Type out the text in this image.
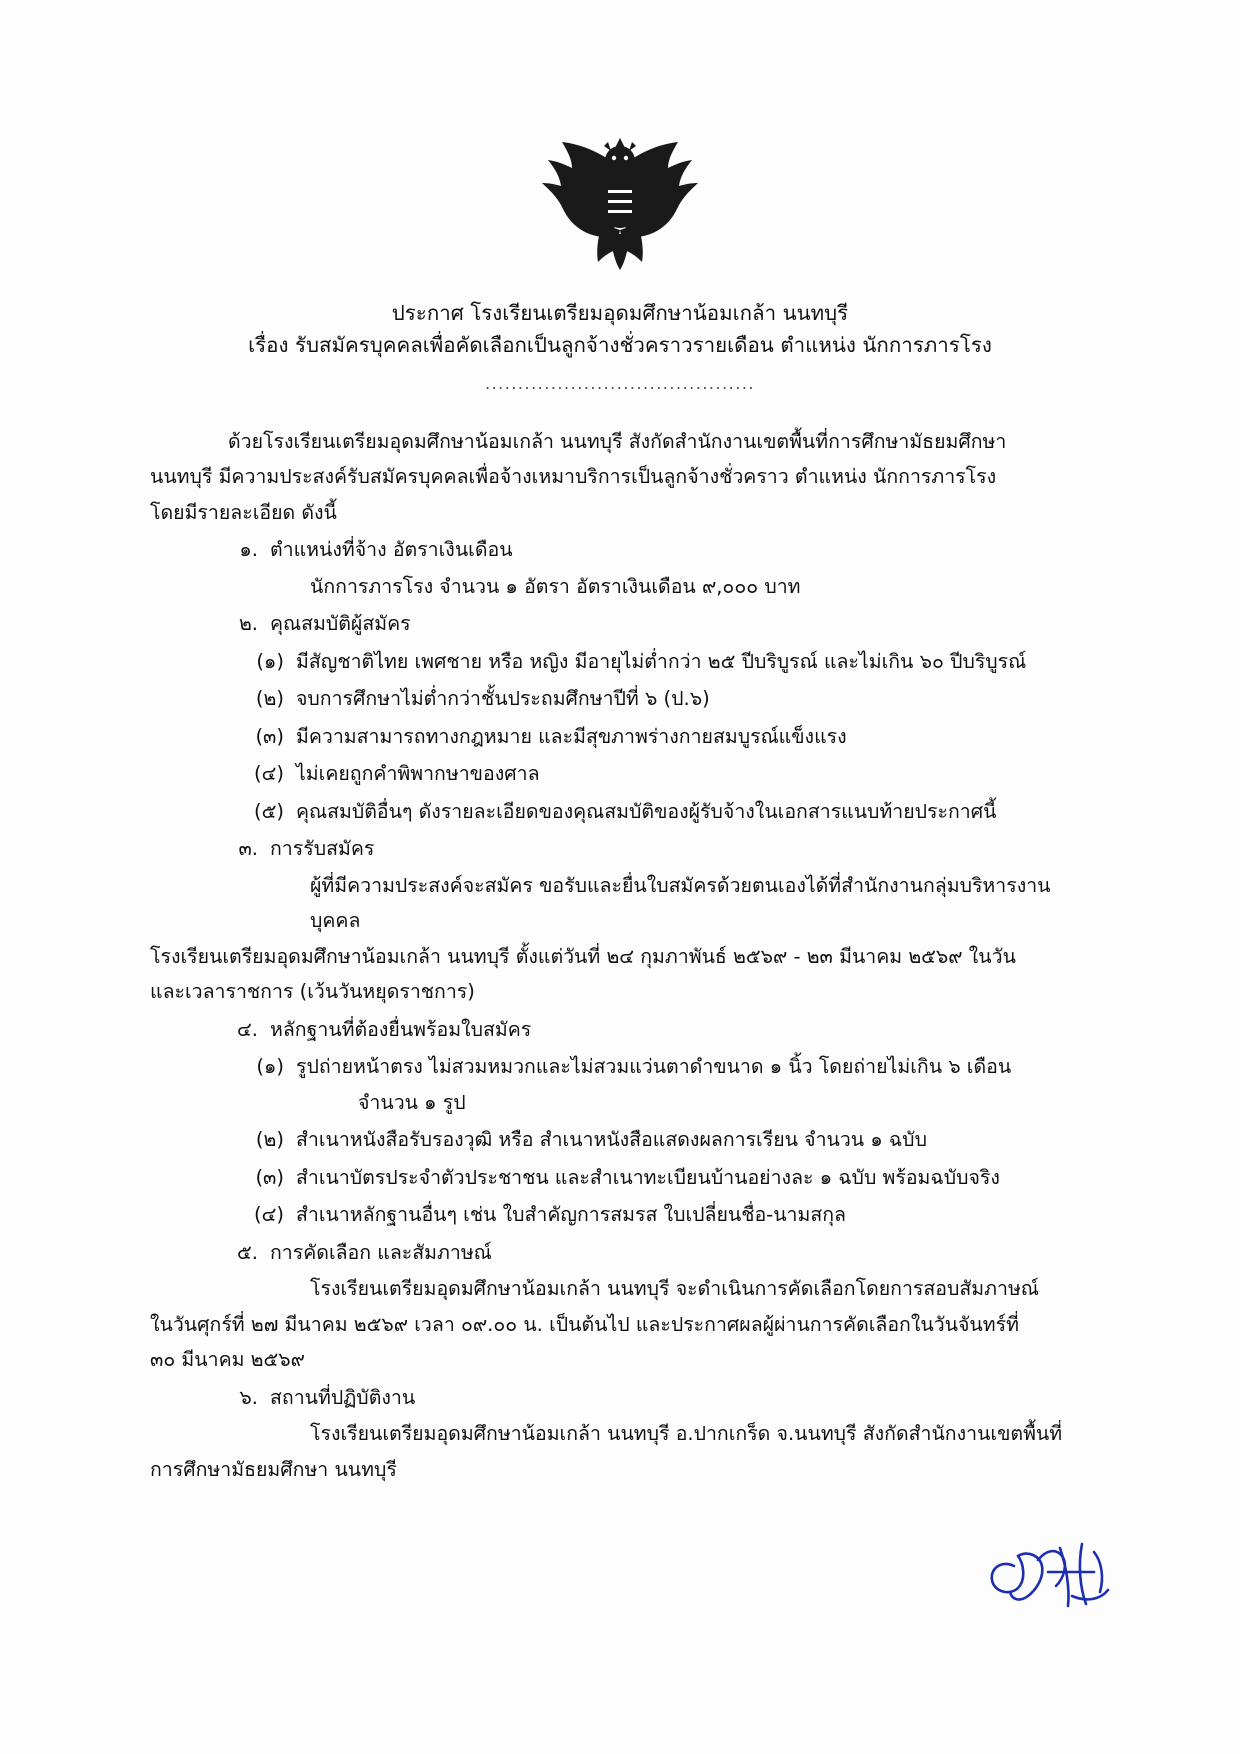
ประกาศ โรงเรียนเตรียมอุดมศึกษาน้อมเกล้า นนทบุรี
เรื่อง รับสมัครบุคคลเพื่อคัดเลือกเป็นลูกจ้างชั่วคราวรายเดือน ตำแหน่ง นักการภารโรง
.........................................

ด้วยโรงเรียนเตรียมอุดมศึกษาน้อมเกล้า นนทบุรี สังกัดสำนักงานเขตพื้นที่การศึกษามัธยมศึกษา

นนทบุรี มีความประสงค์รับสมัครบุคคลเพื่อจ้างเหมาบริการเป็นลูกจ้างชั่วคราว ตำแหน่ง นักการภารโรง

โดยมีรายละเอียด ดังนี้

๑. ตำแหน่งที่จ้าง อัตราเงินเดือน

นักการภารโรง จำนวน ๑ อัตรา อัตราเงินเดือน ๙,๐๐๐ บาท

๒. คุณสมบัติผู้สมัคร
(๑) มีสัญชาติไทย เพศชาย หรือ หญิง มีอายุไม่ต่ำกว่า ๒๕ ปีบริบูรณ์ และไม่เกิน ๖๐ ปีบริบูรณ์
(๒) จบการศึกษาไม่ต่ำกว่าชั้นประถมศึกษาปีที่ ๖ (ป.๖)
(๓) มีความสามารถทางกฎหมาย และมีสุขภาพร่างกายสมบูรณ์แข็งแรง
(๔) ไม่เคยถูกคำพิพากษาของศาล
(๕) คุณสมบัติอื่นๆ ดังรายละเอียดของคุณสมบัติของผู้รับจ้างในเอกสารแนบท้ายประกาศนี้
๓. การรับสมัคร

ผู้ที่มีความประสงค์จะสมัคร ขอรับและยื่นใบสมัครด้วยตนเองได้ที่สำนักงานกลุ่มบริหารงานบุคคล

โรงเรียนเตรียมอุดมศึกษาน้อมเกล้า นนทบุรี ตั้งแต่วันที่ ๒๔ กุมภาพันธ์ ๒๕๖๙ - ๒๓ มีนาคม ๒๕๖๙ ในวัน

และเวลาราชการ (เว้นวันหยุดราชการ)

๔. หลักฐานที่ต้องยื่นพร้อมใบสมัคร
(๑) รูปถ่ายหน้าตรง ไม่สวมหมวกและไม่สวมแว่นตาดำขนาด ๑ นิ้ว โดยถ่ายไม่เกิน ๖ เดือน

จำนวน ๑ รูป

(๒) สำเนาหนังสือรับรองวุฒิ หรือ สำเนาหนังสือแสดงผลการเรียน จำนวน ๑ ฉบับ
(๓) สำเนาบัตรประจำตัวประชาชน และสำเนาทะเบียนบ้านอย่างละ ๑ ฉบับ พร้อมฉบับจริง
(๔) สำเนาหลักฐานอื่นๆ เช่น ใบสำคัญการสมรส ใบเปลี่ยนชื่อ-นามสกุล
๕. การคัดเลือก และสัมภาษณ์

โรงเรียนเตรียมอุดมศึกษาน้อมเกล้า นนทบุรี จะดำเนินการคัดเลือกโดยการสอบสัมภาษณ์

ในวันศุกร์ที่ ๒๗ มีนาคม ๒๕๖๙ เวลา ๐๙.๐๐ น. เป็นต้นไป และประกาศผลผู้ผ่านการคัดเลือกในวันจันทร์ที่

๓๐ มีนาคม ๒๕๖๙

๖. สถานที่ปฏิบัติงาน

โรงเรียนเตรียมอุดมศึกษาน้อมเกล้า นนทบุรี อ.ปากเกร็ด จ.นนทบุรี สังกัดสำนักงานเขตพื้นที่

การศึกษามัธยมศึกษา นนทบุรี
